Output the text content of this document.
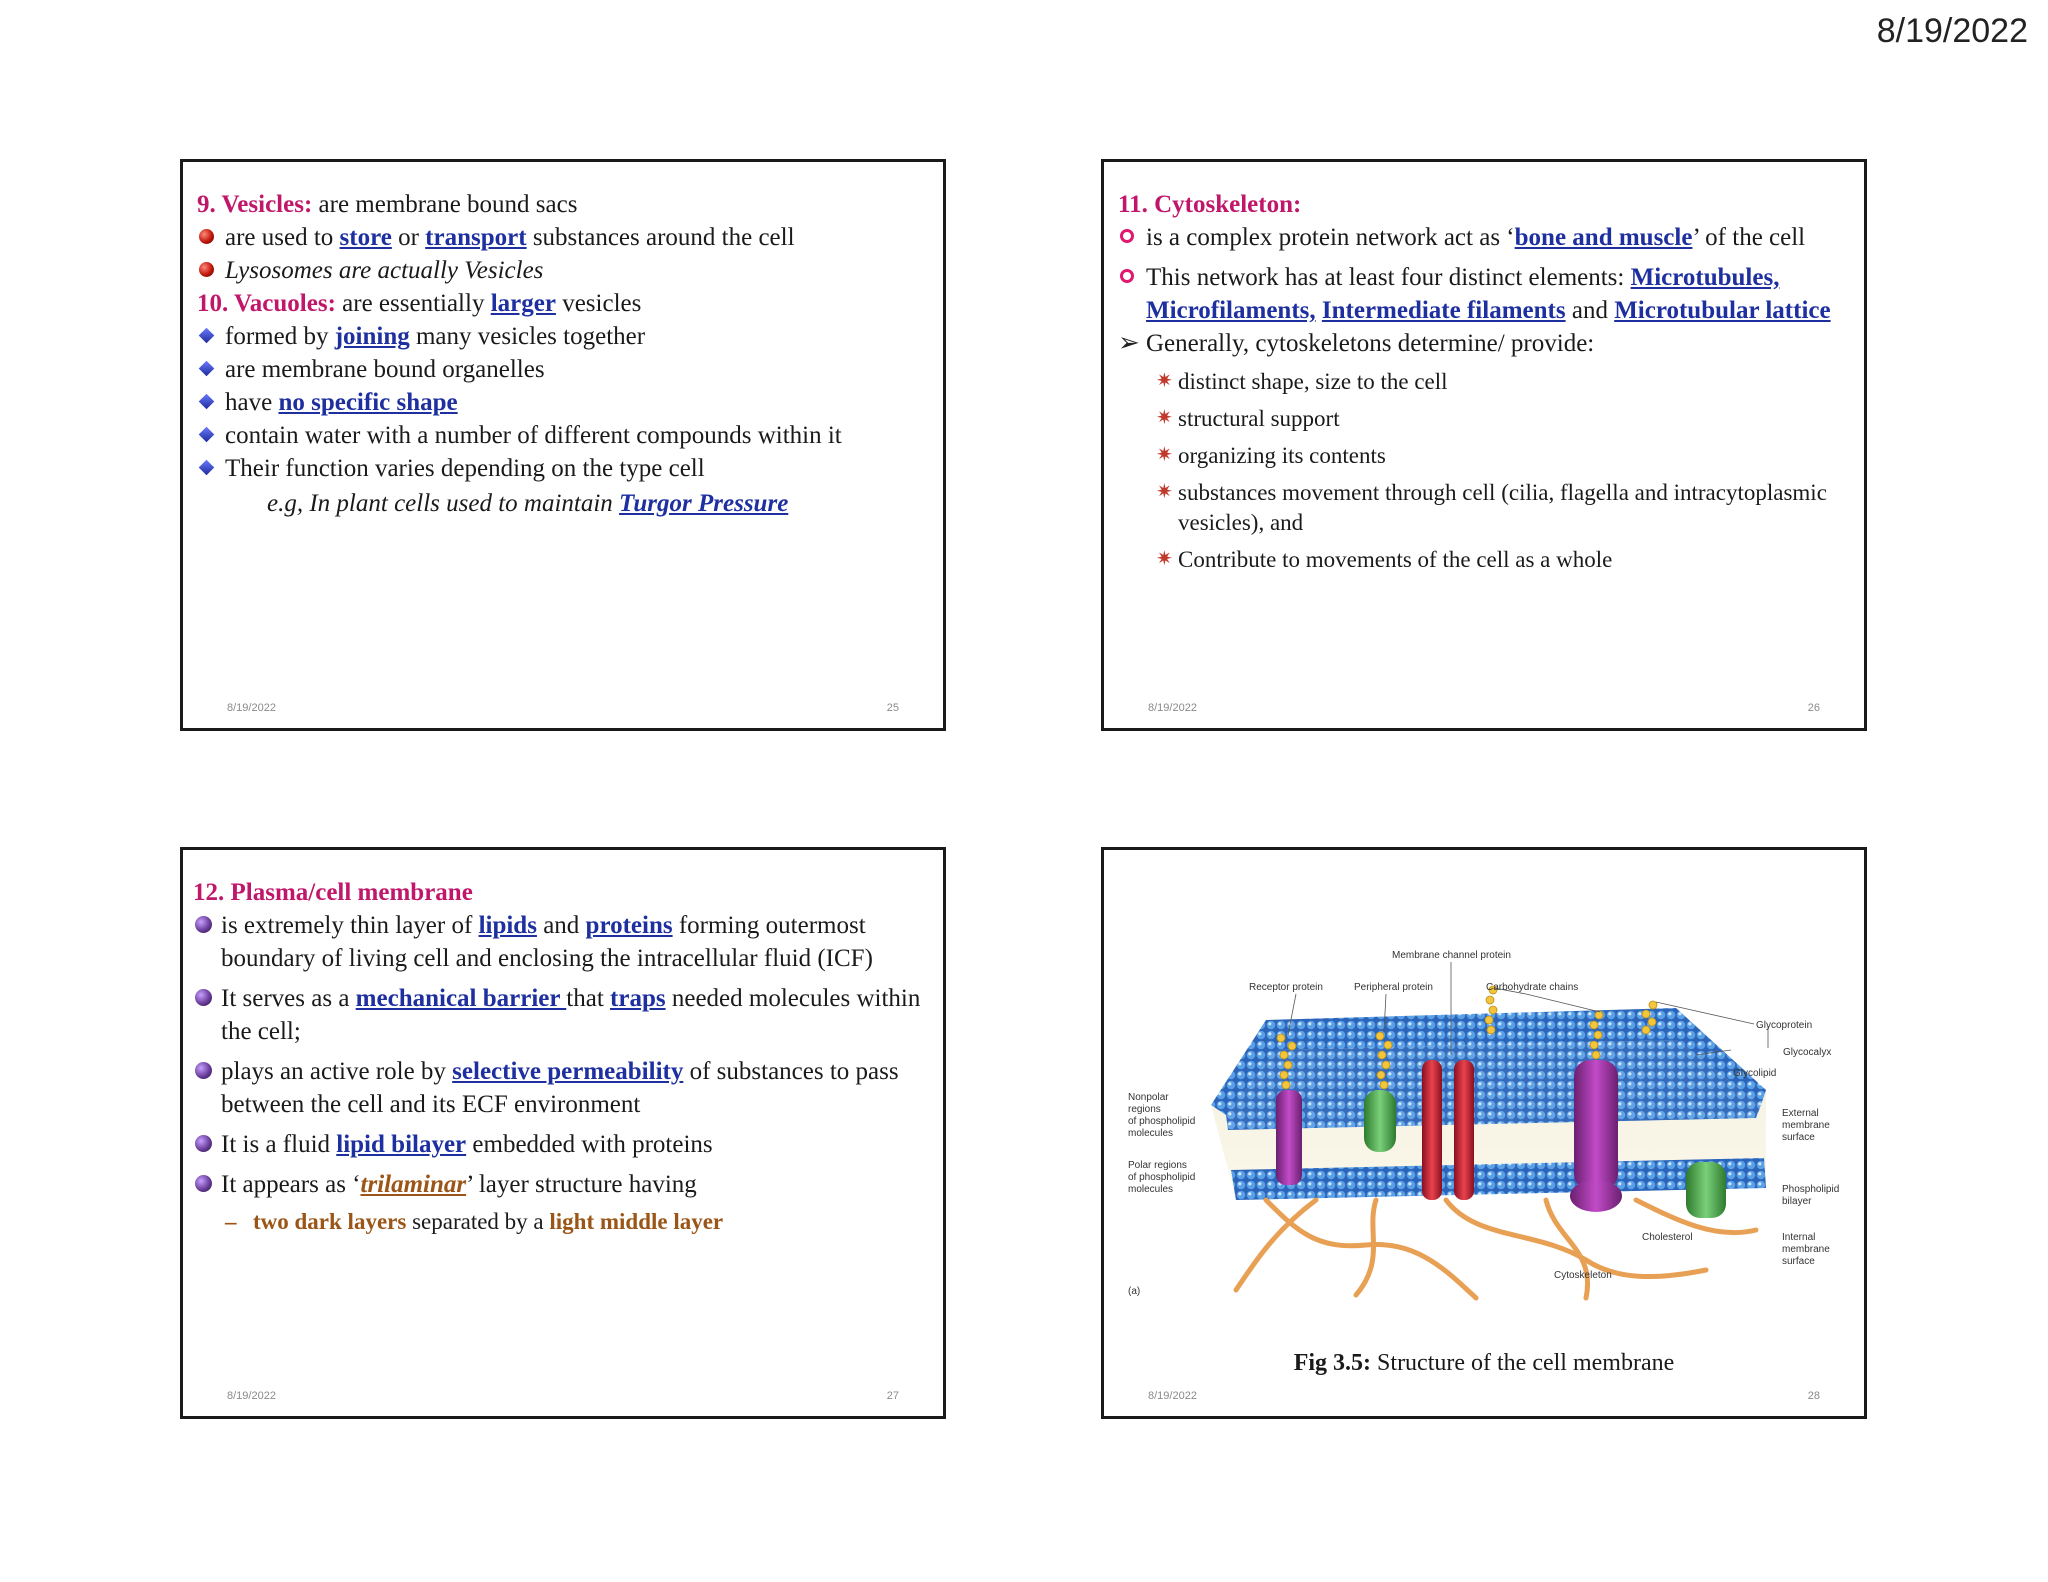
8/19/2022
9. Vesicles: are membrane bound sacs
are used to store or transport substances around the cell
Lysosomes are actually Vesicles
10. Vacuoles: are essentially larger vesicles
formed by joining many vesicles together
are membrane bound organelles
have no specific shape
contain water with a number of different compounds within it
Their function varies depending on the type cell
e.g, In plant cells used to maintain Turgor Pressure
8/19/2022	25
11. Cytoskeleton:
is a complex protein network act as ‘bone and muscle’ of the cell
This network has at least four distinct elements: Microtubules, Microfilaments, Intermediate filaments and Microtubular lattice
➢ Generally, cytoskeletons determine/ provide:
✷ distinct shape, size to the cell
✷ structural support
✷ organizing its contents
✷ substances movement through cell (cilia, flagella and intracytoplasmic vesicles), and
✷ Contribute to movements of the cell as a whole
8/19/2022	26
12. Plasma/cell membrane
is extremely thin layer of lipids and proteins forming outermost boundary of living cell and enclosing the intracellular fluid (ICF)
It serves as a mechanical barrier that traps needed molecules within the cell;
plays an active role by selective permeability of substances to pass between the cell and its ECF environment
It is a fluid lipid bilayer embedded with proteins
It appears as ‘trilaminar’ layer structure having
– two dark layers separated by a light middle layer
8/19/2022	27
Membrane channel protein
Receptor protein	Peripheral protein	Carbohydrate chains
Glycoprotein
Glycocalyx
Glycolipid
Nonpolar
regions
of phospholipid
molecules
Polar regions
of phospholipid
molecules
External
membrane
surface
Phospholipid
bilayer
Internal
membrane
surface
Cholesterol
Cytoskeleton
(a)
Fig 3.5: Structure of the cell membrane
8/19/2022	28
